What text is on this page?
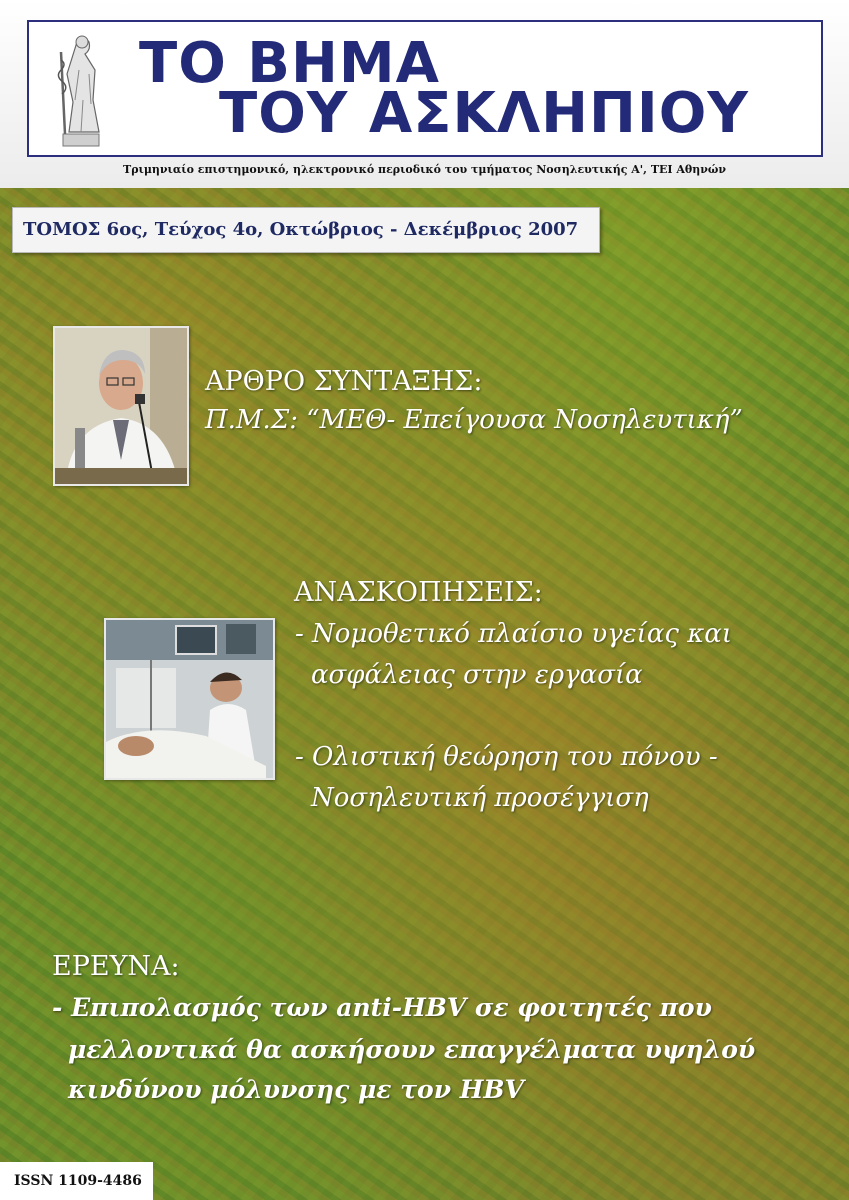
ΤΟ ΒΗΜΑ
ΤΟΥ ΑΣΚΛΗΠΙΟΥ
Τριμηνιαίο επιστημονικό, ηλεκτρονικό περιοδικό του τμήματος Νοσηλευτικής Α', ΤΕΙ Αθηνών
ΤΟΜΟΣ 6ος, Τεύχος 4ο, Οκτώβριος - Δεκέμβριος 2007
ΑΡΘΡΟ ΣΥΝΤΑΞΗΣ:
Π.Μ.Σ: “ΜΕΘ- Επείγουσα Νοσηλευτική”
ΑΝΑΣΚΟΠΗΣΕΙΣ:
- Νομοθετικό πλαίσιο υγείας και
ασφάλειας στην εργασία
- Ολιστική θεώρηση του πόνου -
Νοσηλευτική προσέγγιση
ΕΡΕΥΝΑ:
- Επιπολασμός των anti-HBV σε φοιτητές που
μελλοντικά θα ασκήσουν επαγγέλματα υψηλού
κινδύνου μόλυνσης με τον HBV
ISSN 1109-4486
